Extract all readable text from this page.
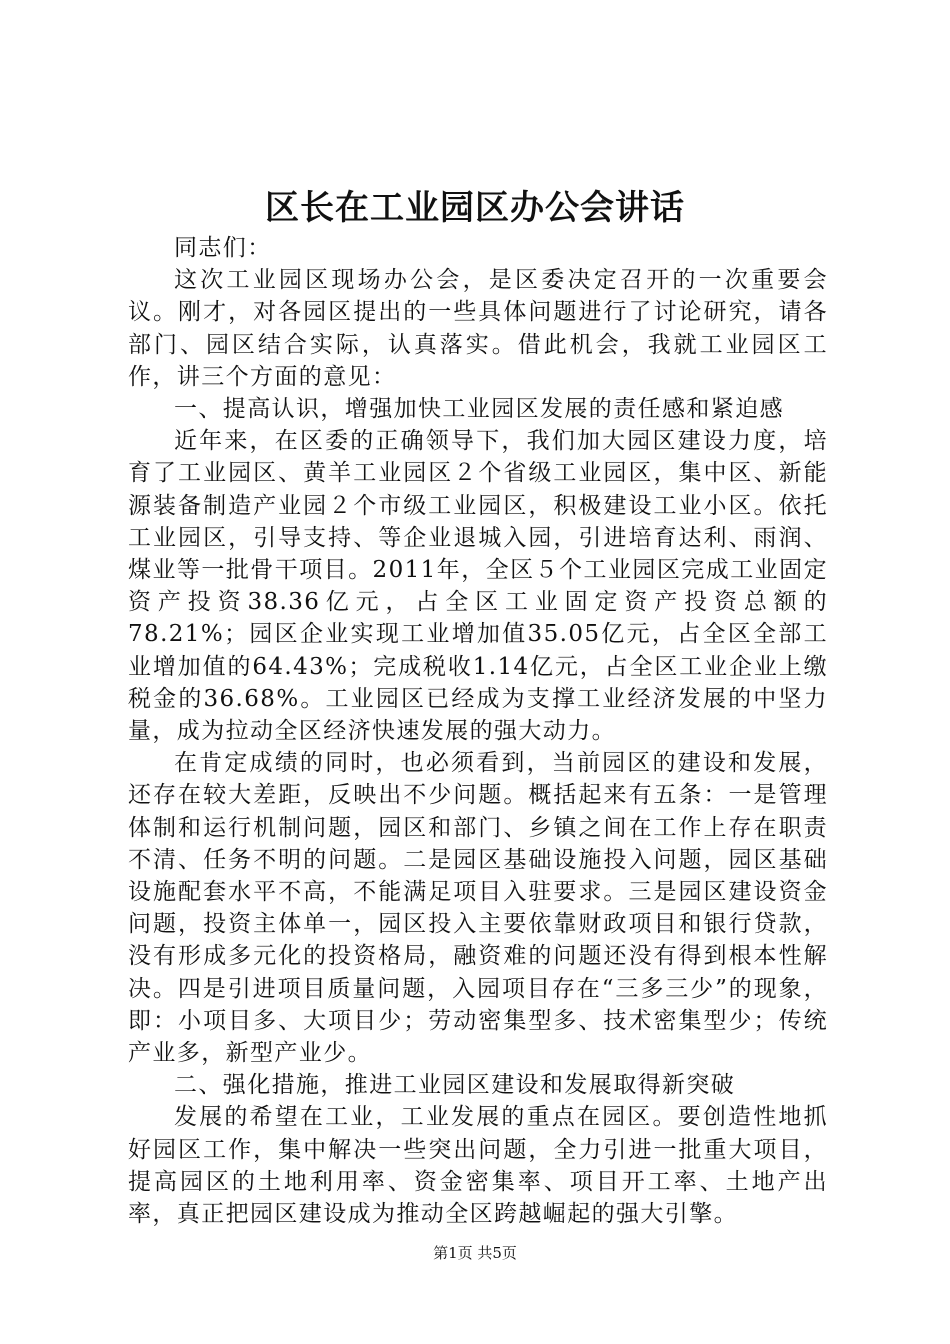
区长在工业园区办公会讲话

同志们：

这次工业园区现场办公会，是区委决定召开的一次重要会议。刚才，对各园区提出的一些具体问题进行了讨论研究，请各部门、园区结合实际，认真落实。借此机会，我就工业园区工作，讲三个方面的意见：

一、提高认识，增强加快工业园区发展的责任感和紧迫感

近年来，在区委的正确领导下，我们加大园区建设力度，培育了工业园区、黄羊工业园区２个省级工业园区，集中区、新能源装备制造产业园２个市级工业园区，积极建设工业小区。依托工业园区，引导支持、等企业退城入园，引进培育达利、雨润、煤业等一批骨干项目。2011年，全区５个工业园区完成工业固定资产投资38.36亿元，占全区工业固定资产投资总额的78.21%；园区企业实现工业增加值35.05亿元，占全区全部工业增加值的64.43%；完成税收1.14亿元，占全区工业企业上缴税金的36.68%。工业园区已经成为支撑工业经济发展的中坚力量，成为拉动全区经济快速发展的强大动力。

在肯定成绩的同时，也必须看到，当前园区的建设和发展，还存在较大差距，反映出不少问题。概括起来有五条：一是管理体制和运行机制问题，园区和部门、乡镇之间在工作上存在职责不清、任务不明的问题。二是园区基础设施投入问题，园区基础设施配套水平不高，不能满足项目入驻要求。三是园区建设资金问题，投资主体单一，园区投入主要依靠财政项目和银行贷款，没有形成多元化的投资格局，融资难的问题还没有得到根本性解决。四是引进项目质量问题，入园项目存在“三多三少”的现象，即：小项目多、大项目少；劳动密集型多、技术密集型少；传统产业多，新型产业少。

二、强化措施，推进工业园区建设和发展取得新突破

发展的希望在工业，工业发展的重点在园区。要创造性地抓好园区工作，集中解决一些突出问题，全力引进一批重大项目，提高园区的土地利用率、资金密集率、项目开工率、土地产出率，真正把园区建设成为推动全区跨越崛起的强大引擎。

第1页 共5页
